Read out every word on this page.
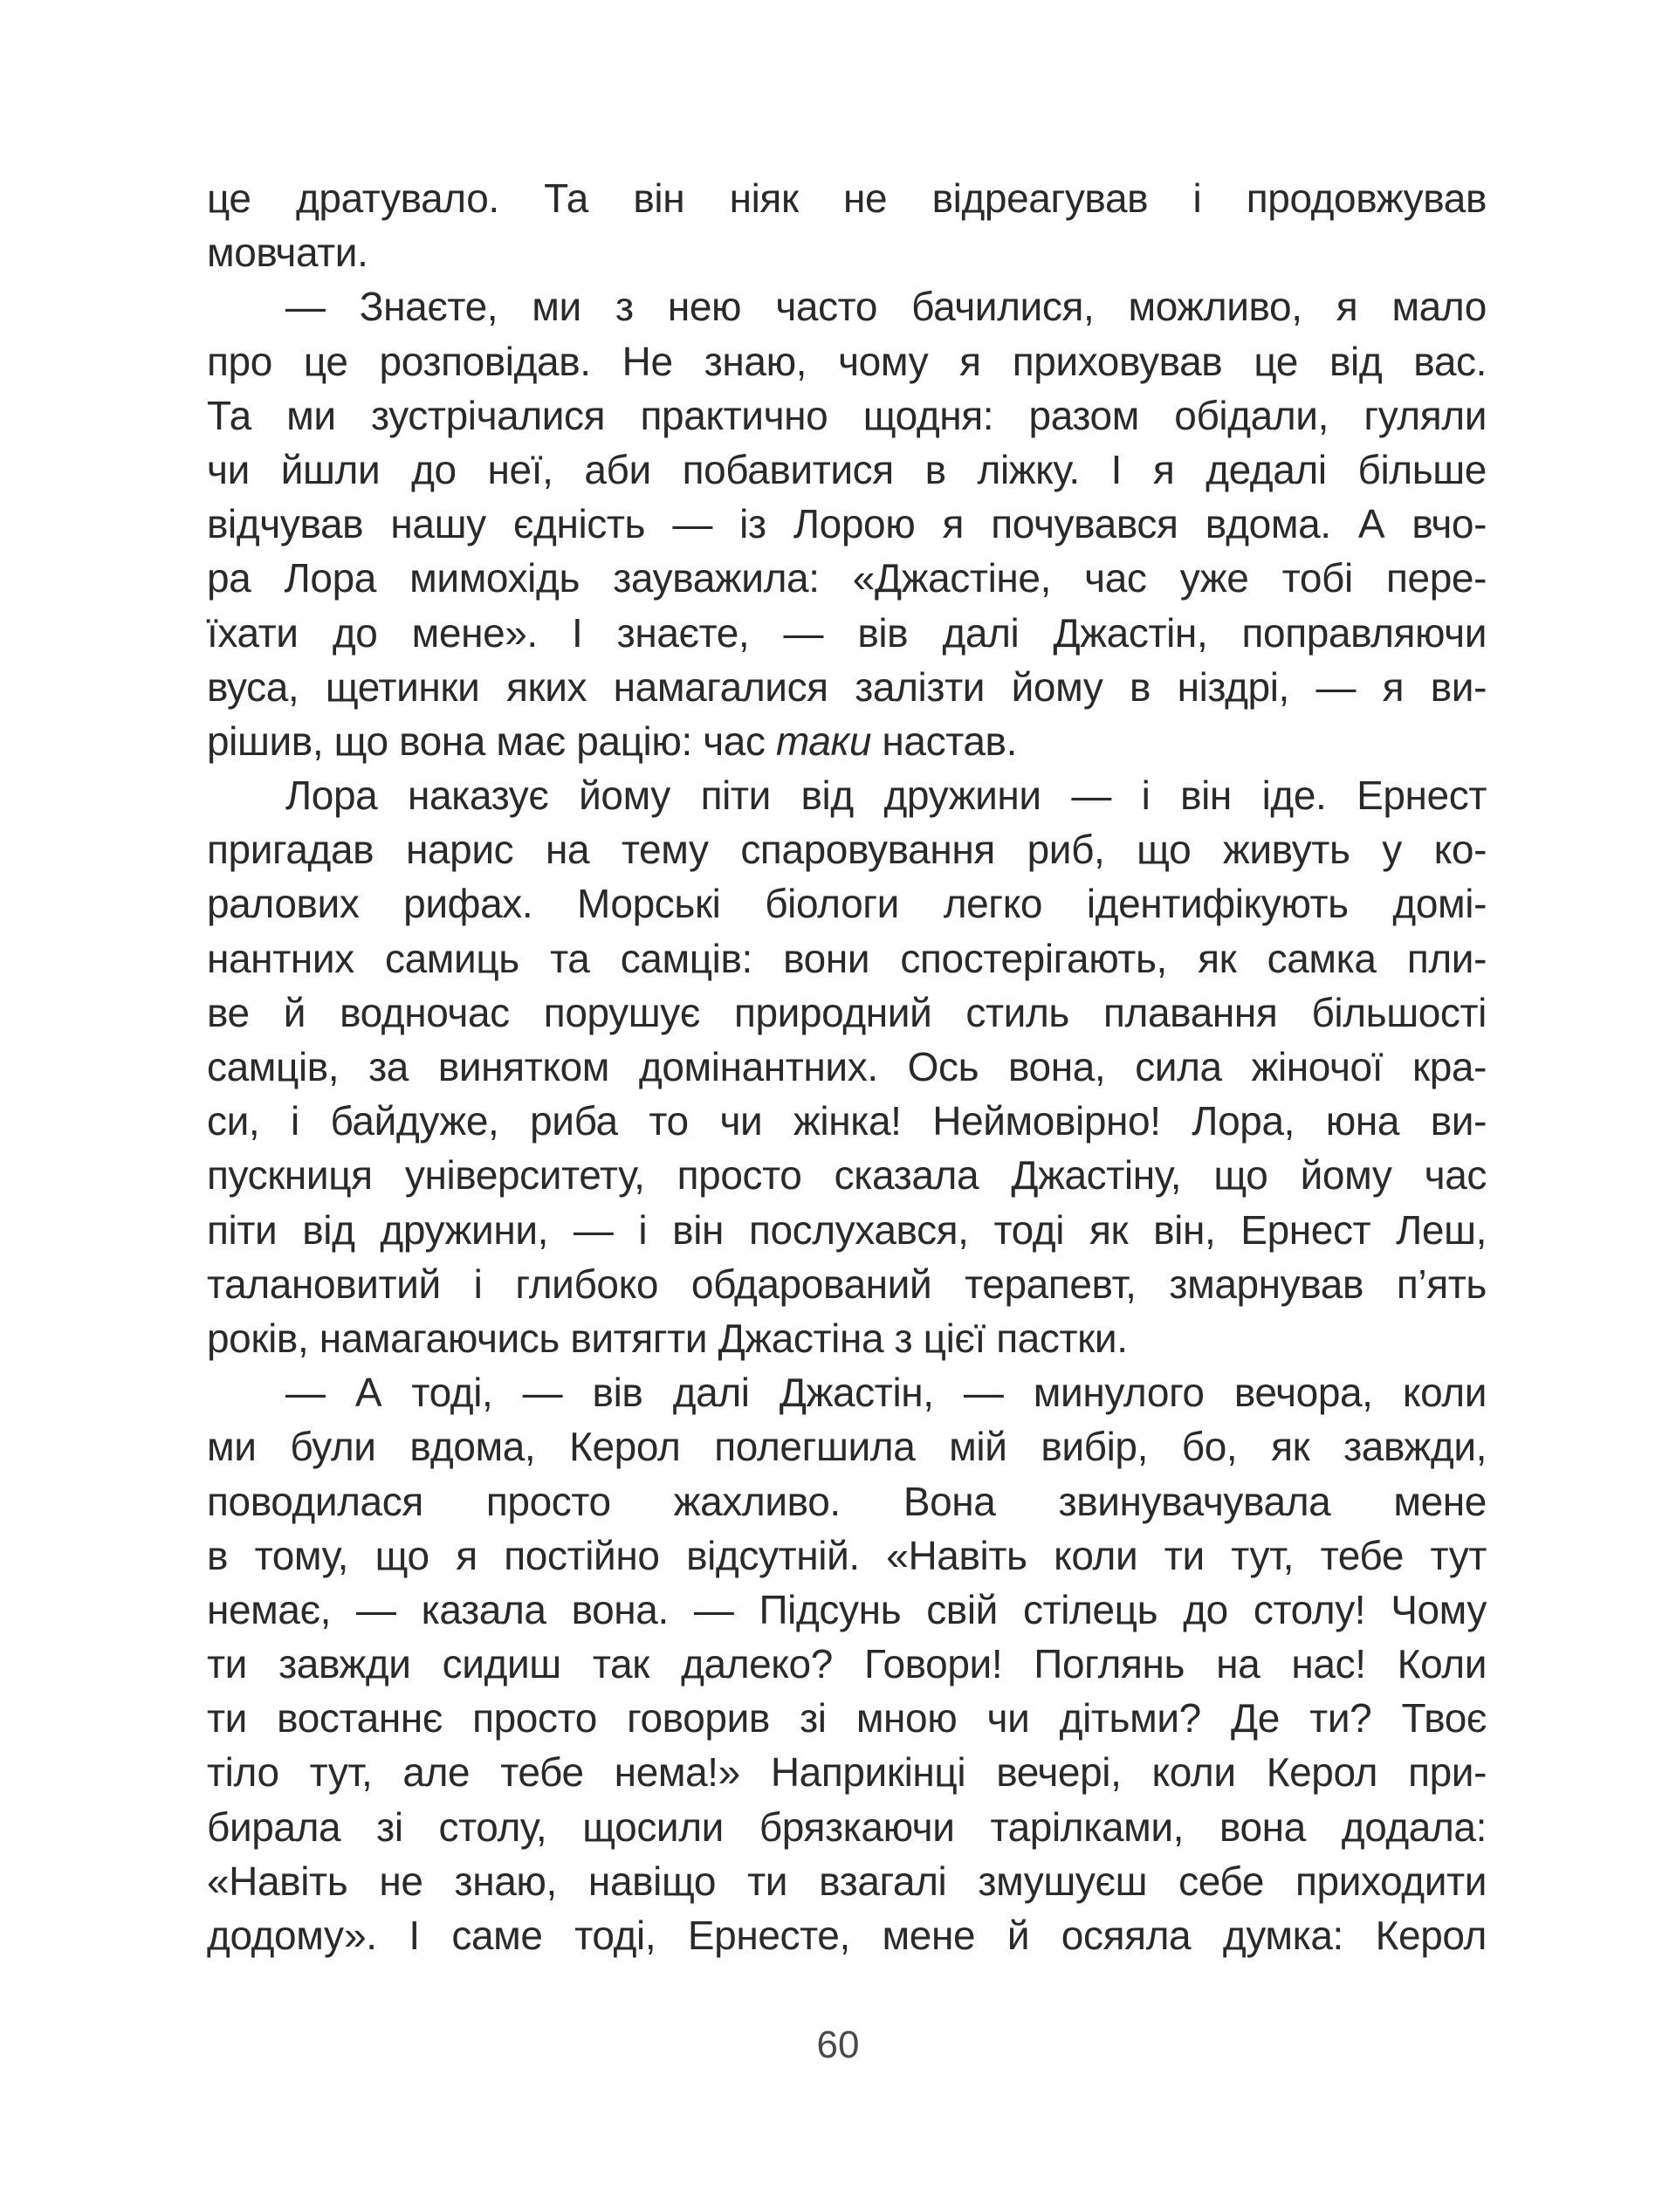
це дратувало. Та він ніяк не відреагував і продовжував
мовчати.
— Знаєте, ми з нею часто бачилися, можливо, я мало
про це розповідав. Не знаю, чому я приховував це від вас.
Та ми зустрічалися практично щодня: разом обідали, гуляли
чи йшли до неї, аби побавитися в ліжку. І я дедалі більше
відчував нашу єдність — із Лорою я почувався вдома. А вчо-
ра Лора мимохідь зауважила: «Джастіне, час уже тобі пере-
їхати до мене». І знаєте, — вів далі Джастін, поправляючи
вуса, щетинки яких намагалися залізти йому в ніздрі, — я ви-
рішив, що вона має рацію: час таки настав.
Лора наказує йому піти від дружини — і він іде. Ернест
пригадав нарис на тему спаровування риб, що живуть у ко-
ралових рифах. Морські біологи легко ідентифікують домі-
нантних самиць та самців: вони спостерігають, як самка пли-
ве й водночас порушує природний стиль плавання більшості
самців, за винятком домінантних. Ось вона, сила жіночої кра-
си, і байдуже, риба то чи жінка! Неймовірно! Лора, юна ви-
пускниця університету, просто сказала Джастіну, що йому час
піти від дружини, — і він послухався, тоді як він, Ернест Леш,
талановитий і глибоко обдарований терапевт, змарнував п’ять
років, намагаючись витягти Джастіна з цієї пастки.
— А тоді, — вів далі Джастін, — минулого вечора, коли
ми були вдома, Керол полегшила мій вибір, бо, як завжди,
поводилася просто жахливо. Вона звинувачувала мене
в тому, що я постійно відсутній. «Навіть коли ти тут, тебе тут
немає, — казала вона. — Підсунь свій стілець до столу! Чому
ти завжди сидиш так далеко? Говори! Поглянь на нас! Коли
ти востаннє просто говорив зі мною чи дітьми? Де ти? Твоє
тіло тут, але тебе нема!» Наприкінці вечері, коли Керол при-
бирала зі столу, щосили брязкаючи тарілками, вона додала:
«Навіть не знаю, навіщо ти взагалі змушуєш себе приходити
додому». І саме тоді, Ернесте, мене й осяяла думка: Керол
60
